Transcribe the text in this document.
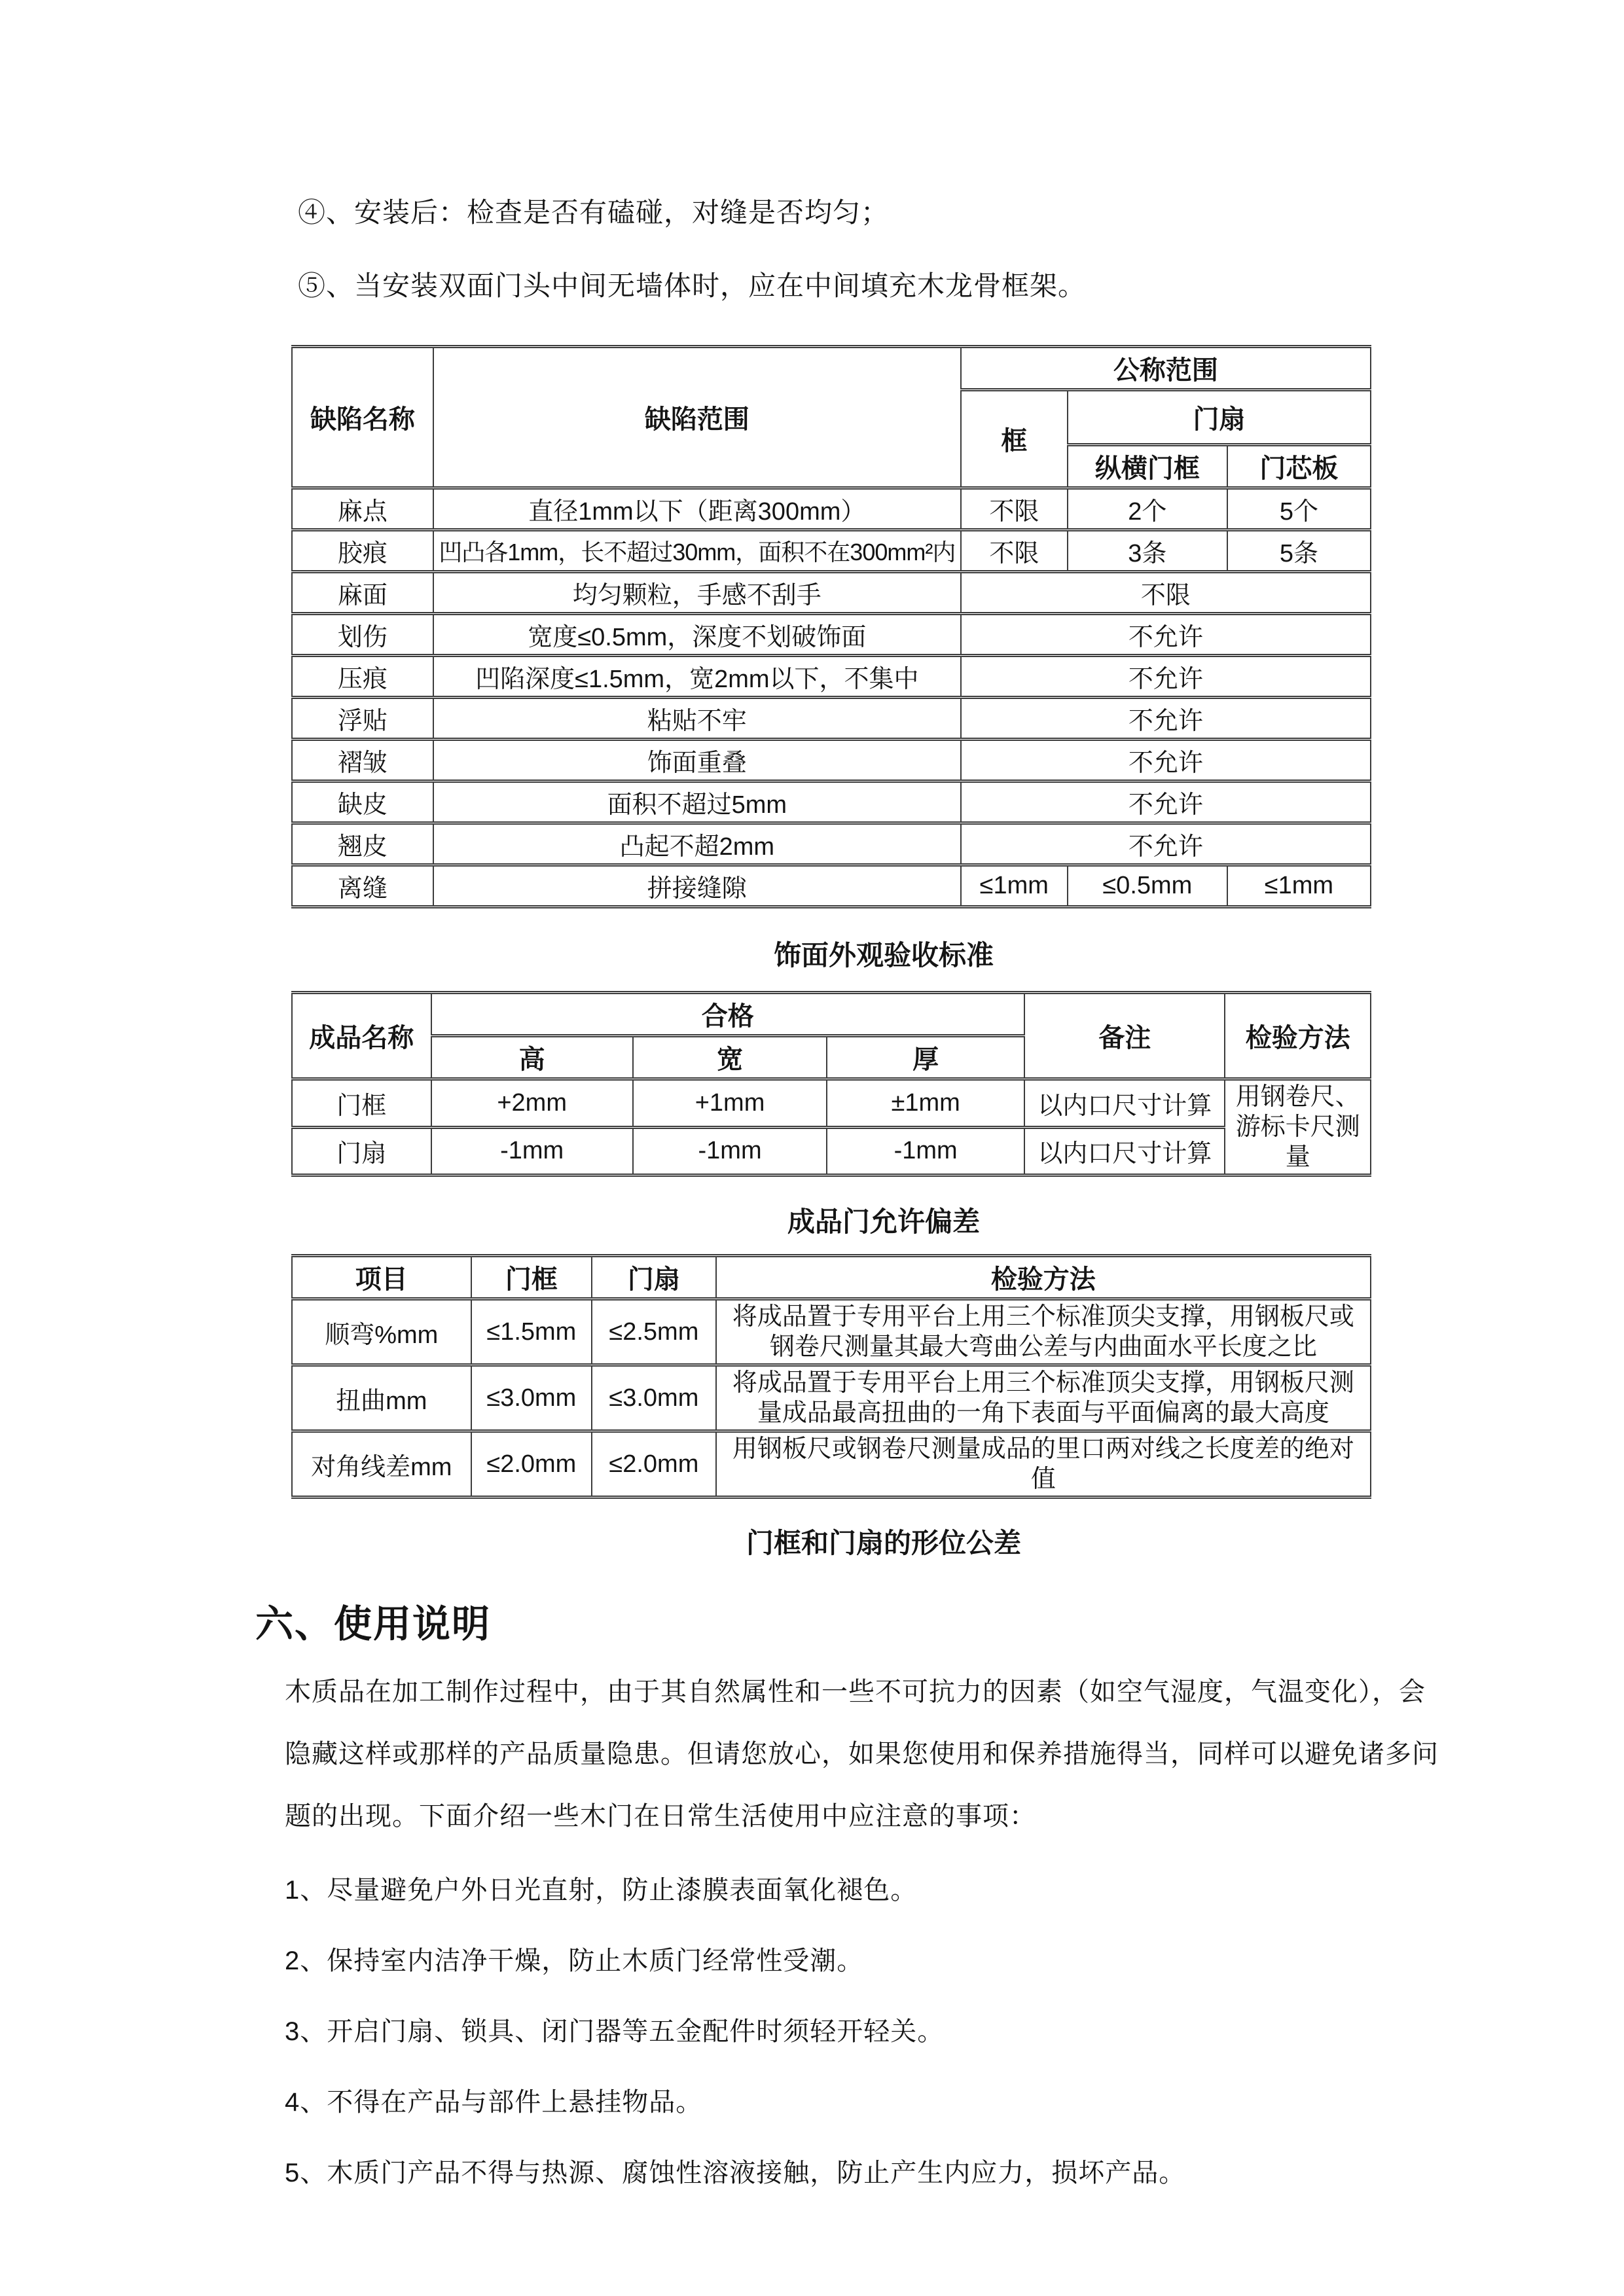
④、安装后：检查是否有磕碰，对缝是否均匀；
⑤、当安装双面门头中间无墙体时，应在中间填充木龙骨框架。
缺陷名称	缺陷范围	公称范围		
		框	门扇	
			纵横门框	门芯板
麻点	直径1mm以下（距离300mm）	不限	2个	5个
胶痕	凹凸各1mm，长不超过30mm，面积不在300mm²内	不限	3条	5条
麻面	均匀颗粒，手感不刮手	不限		
划伤	宽度≤0.5mm，深度不划破饰面	不允许		
压痕	凹陷深度≤1.5mm，宽2mm以下，不集中	不允许		
浮贴	粘贴不牢	不允许		
褶皱	饰面重叠	不允许		
缺皮	面积不超过5mm	不允许		
翘皮	凸起不超2mm	不允许		
离缝	拼接缝隙	≤1mm	≤0.5mm	≤1mm
饰面外观验收标准
成品名称	合格			备注	检验方法
	高	宽	厚		
门框	+2mm	+1mm	±1mm	以内口尺寸计算	用钢卷尺、游标卡尺测量
门扇	-1mm	-1mm	-1mm	以内口尺寸计算	
成品门允许偏差
项目	门框	门扇	检验方法
顺弯%mm	≤1.5mm	≤2.5mm	将成品置于专用平台上用三个标准顶尖支撑，用钢板尺或钢卷尺测量其最大弯曲公差与内曲面水平长度之比
扭曲mm	≤3.0mm	≤3.0mm	将成品置于专用平台上用三个标准顶尖支撑，用钢板尺测量成品最高扭曲的一角下表面与平面偏离的最大高度
对角线差mm	≤2.0mm	≤2.0mm	用钢板尺或钢卷尺测量成品的里口两对线之长度差的绝对值
门框和门扇的形位公差
六、使用说明
木质品在加工制作过程中，由于其自然属性和一些不可抗力的因素（如空气湿度，气温变化），会
隐藏这样或那样的产品质量隐患。但请您放心，如果您使用和保养措施得当，同样可以避免诸多问
题的出现。下面介绍一些木门在日常生活使用中应注意的事项：
1、尽量避免户外日光直射，防止漆膜表面氧化褪色。
2、保持室内洁净干燥，防止木质门经常性受潮。
3、开启门扇、锁具、闭门器等五金配件时须轻开轻关。
4、不得在产品与部件上悬挂物品。
5、木质门产品不得与热源、腐蚀性溶液接触，防止产生内应力，损坏产品。
